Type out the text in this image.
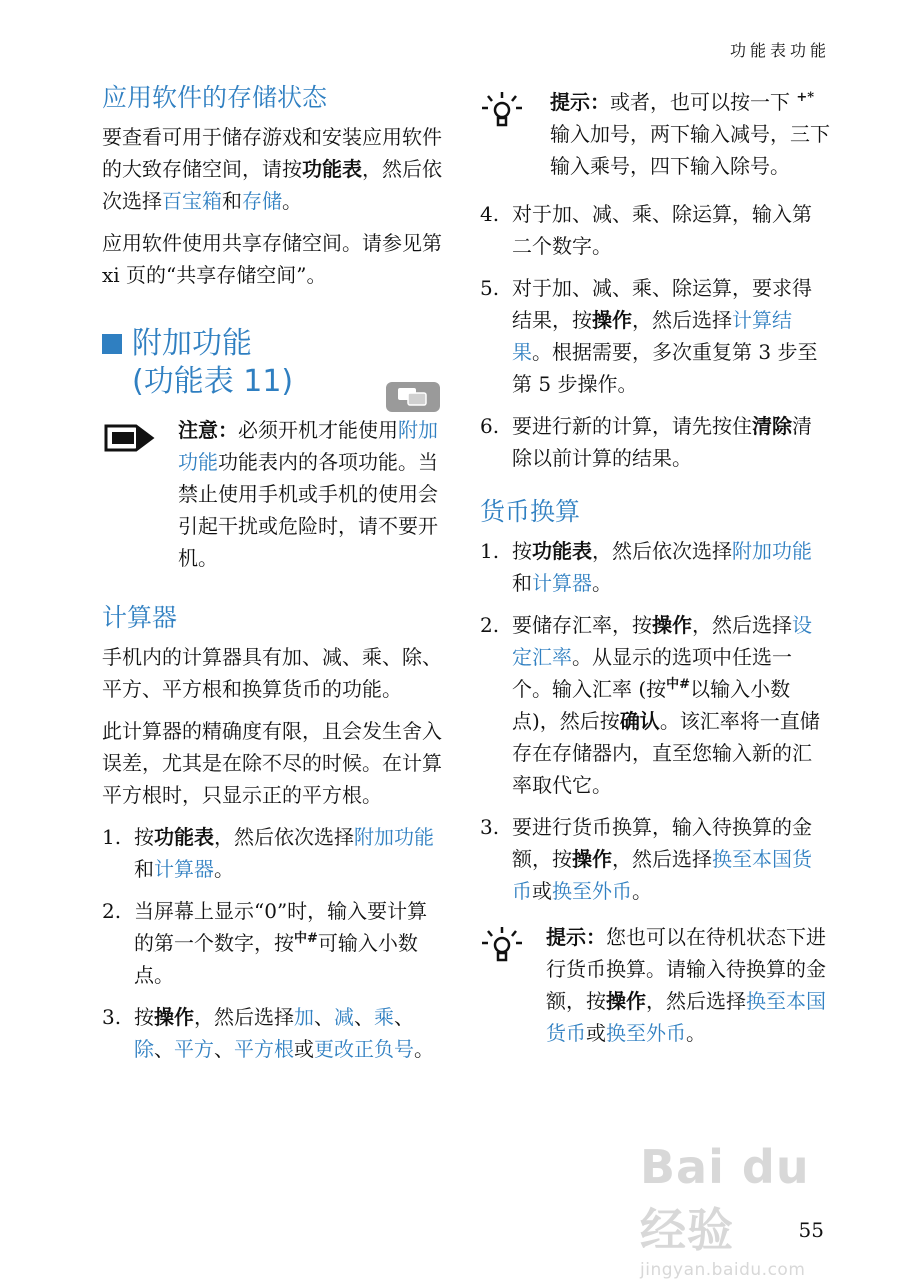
功能表功能
应用软件的存储状态

要查看可用于储存游戏和安装应用软件的大致存储空间，请按功能表，然后依次选择百宝箱和存储。

应用软件使用共享存储空间。请参见第 xi 页的“共享存储空间”。

附加功能
(功能表 11)

注意：必须开机才能使用附加功能功能表内的各项功能。当禁止使用手机或手机的使用会引起干扰或危险时，请不要开机。

计算器

手机内的计算器具有加、减、乘、除、平方、平方根和换算货币的功能。

此计算器的精确度有限，且会发生舍入误差，尤其是在除不尽的时候。在计算平方根时，只显示正的平方根。

1. 按功能表，然后依次选择附加功能和计算器。
2. 当屏幕上显示“0”时，输入要计算的第一个数字，按中#可输入小数点。
3. 按操作，然后选择加、减、乘、除、平方、平方根或更改正负号。

提示：或者，也可以按一下 +* 输入加号，两下输入减号，三下输入乘号，四下输入除号。

4. 对于加、减、乘、除运算，输入第二个数字。
5. 对于加、减、乘、除运算，要求得结果，按操作，然后选择计算结果。根据需要，多次重复第 3 步至第 5 步操作。
6. 要进行新的计算，请先按住清除清除以前计算的结果。
货币换算
1. 按功能表，然后依次选择附加功能和计算器。
2. 要储存汇率，按操作，然后选择设定汇率。从显示的选项中任选一个。输入汇率 (按中#以输入小数点)，然后按确认。该汇率将一直储存在存储器内，直至您输入新的汇率取代它。
3. 要进行货币换算，输入待换算的金额，按操作，然后选择换至本国货币或换至外币。

提示：您也可以在待机状态下进行货币换算。请输入待换算的金额，按操作，然后选择换至本国货币或换至外币。

Bai du 经验
jingyan.baidu.com
55
